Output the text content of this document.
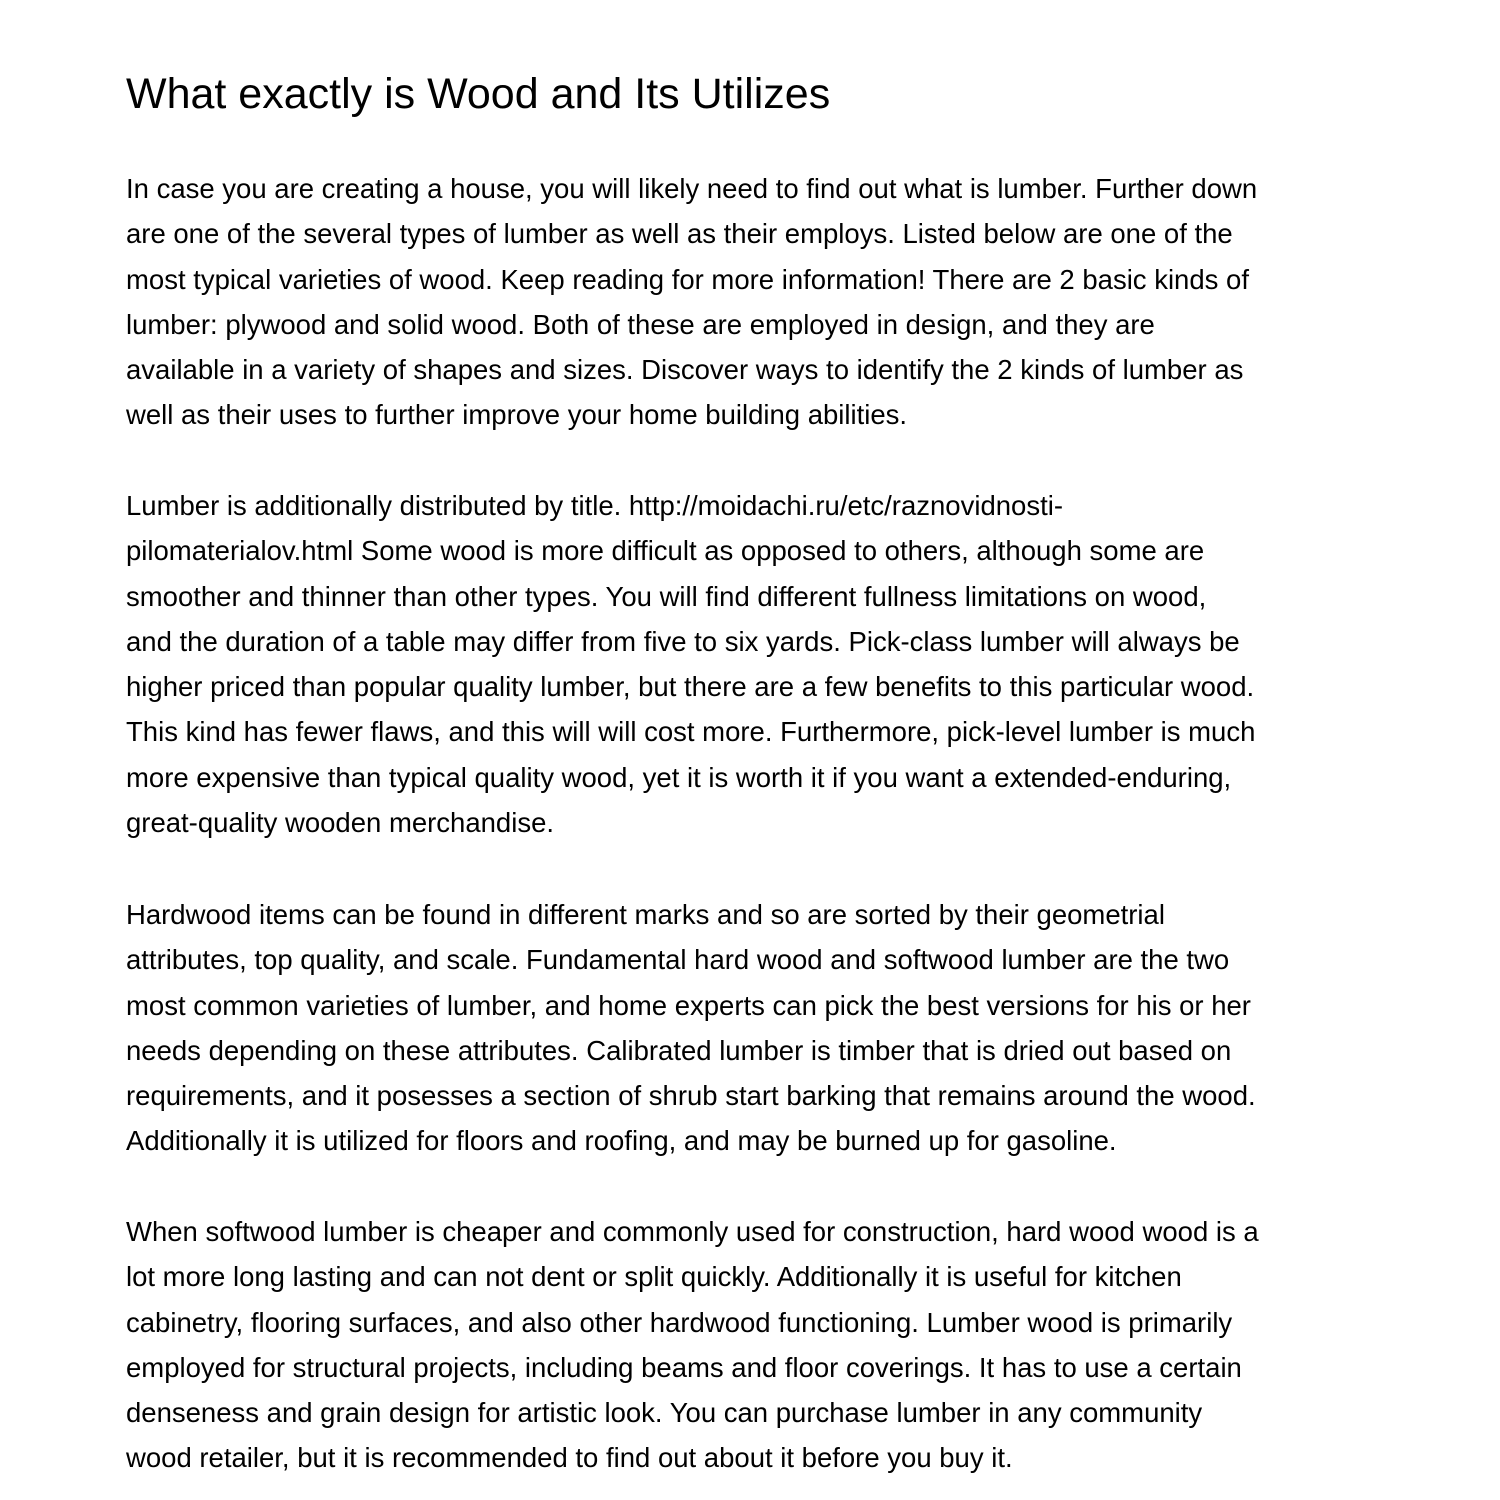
What exactly is Wood and Its Utilizes

In case you are creating a house, you will likely need to find out what is lumber. Further down
are one of the several types of lumber as well as their employs. Listed below are one of the
most typical varieties of wood. Keep reading for more information! There are 2 basic kinds of
lumber: plywood and solid wood. Both of these are employed in design, and they are
available in a variety of shapes and sizes. Discover ways to identify the 2 kinds of lumber as
well as their uses to further improve your home building abilities.

Lumber is additionally distributed by title. http://moidachi.ru/etc/raznovidnosti-
pilomaterialov.html Some wood is more difficult as opposed to others, although some are
smoother and thinner than other types. You will find different fullness limitations on wood,
and the duration of a table may differ from five to six yards. Pick-class lumber will always be
higher priced than popular quality lumber, but there are a few benefits to this particular wood.
This kind has fewer flaws, and this will will cost more. Furthermore, pick-level lumber is much
more expensive than typical quality wood, yet it is worth it if you want a extended-enduring,
great-quality wooden merchandise.

Hardwood items can be found in different marks and so are sorted by their geometrial
attributes, top quality, and scale. Fundamental hard wood and softwood lumber are the two
most common varieties of lumber, and home experts can pick the best versions for his or her
needs depending on these attributes. Calibrated lumber is timber that is dried out based on
requirements, and it posesses a section of shrub start barking that remains around the wood.
Additionally it is utilized for floors and roofing, and may be burned up for gasoline.

When softwood lumber is cheaper and commonly used for construction, hard wood wood is a
lot more long lasting and can not dent or split quickly. Additionally it is useful for kitchen
cabinetry, flooring surfaces, and also other hardwood functioning. Lumber wood is primarily
employed for structural projects, including beams and floor coverings. It has to use a certain
denseness and grain design for artistic look. You can purchase lumber in any community
wood retailer, but it is recommended to find out about it before you buy it.
